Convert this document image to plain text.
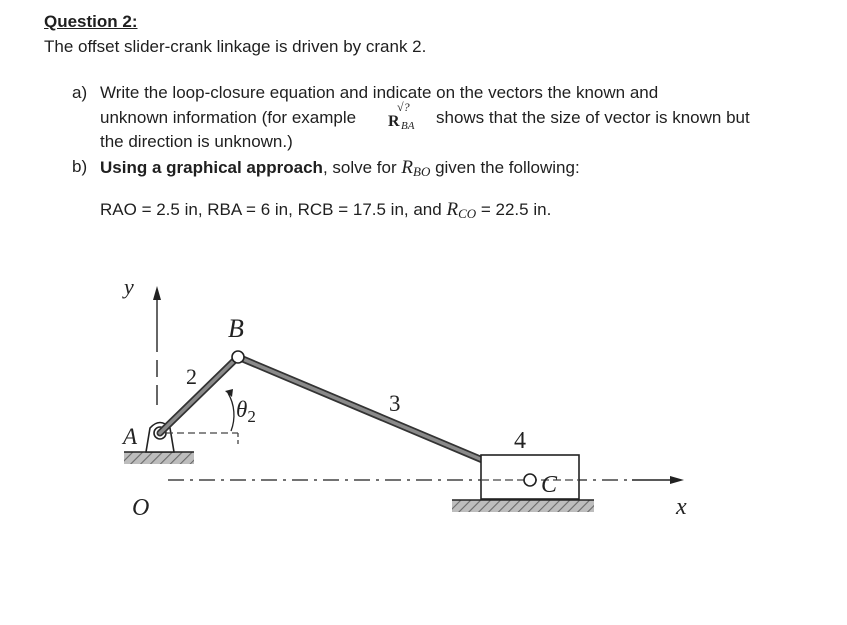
Question 2:
The offset slider-crank linkage is driven by crank 2.
a) Write the loop-closure equation and indicate on the vectors the known and
unknown information (for example
√?
R BA shows that the size of vector is known but
the direction is unknown.)
b) Using a graphical approach, solve for $R_{BO}$ given the following:
RAO = 2.5 in, RBA = 6 in, RCB = 17.5 in, and $R_{CO} = 22.5$ in.
y
x
A
B
C
O
2
3
4
$\theta_2$
